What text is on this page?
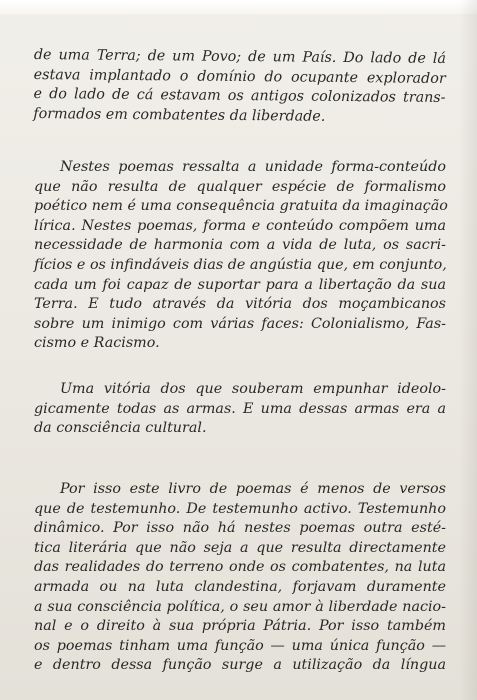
de uma Terra; de um Povo; de um País. Do lado de lá
estava implantado o domínio do ocupante explorador
e do lado de cá estavam os antigos colonizados trans-
formados em combatentes da liberdade.

Nestes poemas ressalta a unidade forma-conteúdo
que não resulta de qualquer espécie de formalismo
poético nem é uma consequência gratuita da imaginação
lírica. Nestes poemas, forma e conteúdo compõem uma
necessidade de harmonia com a vida de luta, os sacri-
fícios e os infindáveis dias de angústia que, em conjunto,
cada um foi capaz de suportar para a libertação da sua
Terra. E tudo através da vitória dos moçambicanos
sobre um inimigo com várias faces: Colonialismo, Fas-
cismo e Racismo.

Uma vitória dos que souberam empunhar ideolo-
gicamente todas as armas. E uma dessas armas era a
da consciência cultural.

Por isso este livro de poemas é menos de versos
que de testemunho. De testemunho activo. Testemunho
dinâmico. Por isso não há nestes poemas outra esté-
tica literária que não seja a que resulta directamente
das realidades do terreno onde os combatentes, na luta
armada ou na luta clandestina, forjavam duramente
a sua consciência política, o seu amor à liberdade nacio-
nal e o direito à sua própria Pátria. Por isso também
os poemas tinham uma função — uma única função —
e dentro dessa função surge a utilização da língua
